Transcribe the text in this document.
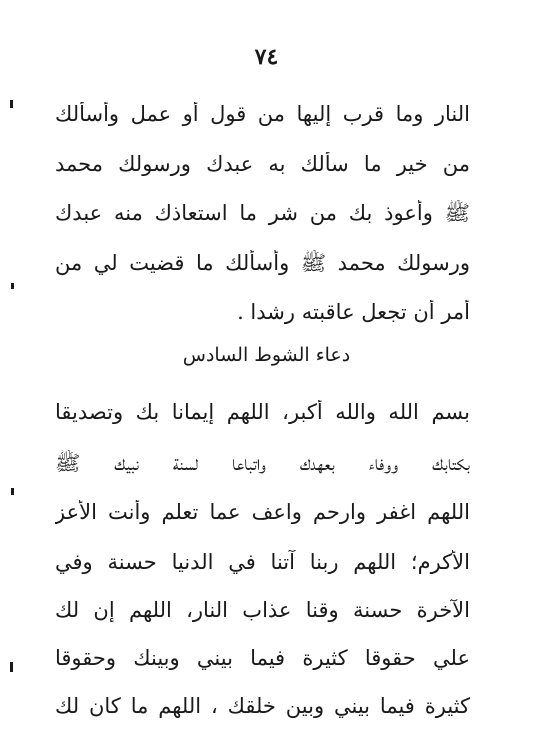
٧٤
النار وما قرب إليها من قول أو عمل وأسألك
من خير ما سألك به عبدك ورسولك محمد
ﷺ وأعوذ بك من شر ما استعاذك منه عبدك
ورسولك محمد ﷺ وأسألك ما قضيت لي من
أمر أن تجعل عاقبته رشدا .
دعاء الشوط السادس
بسم الله والله أكبر، اللهم إيمانا بك وتصديقا
بكتابك ووفاء بعهدك واتباعا لسنة نبيك ﷺ
اللهم اغفر وارحم واعف عما تعلم وأنت الأعز
الأكرم؛ اللهم ربنا آتنا في الدنيا حسنة وفي
الآخرة حسنة وقنا عذاب النار، اللهم إن لك
علي حقوقا كثيرة فيما بيني وبينك وحقوقا
كثيرة فيما بيني وبين خلقك ، اللهم ما كان لك
